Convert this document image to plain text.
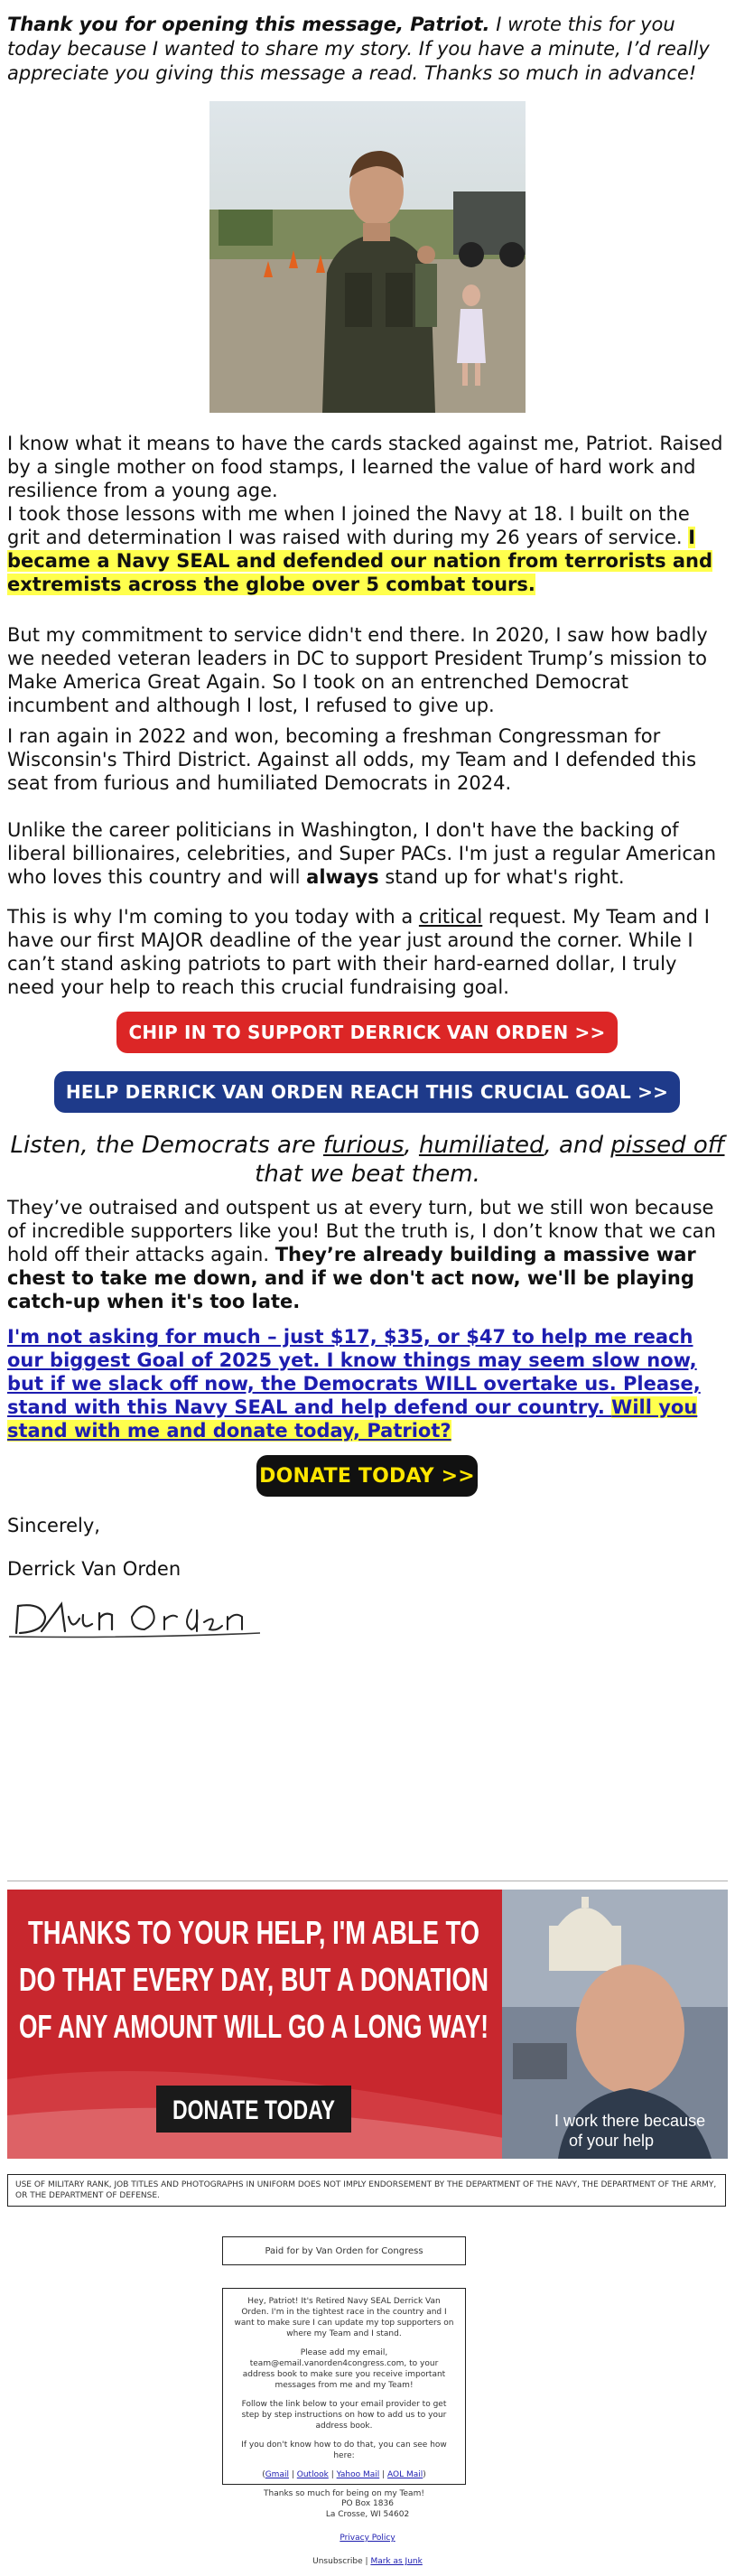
Thank you for opening this message, Patriot. I wrote this for you today because I wanted to share my story. If you have a minute, I’d really appreciate you giving this message a read. Thanks so much in advance!
I know what it means to have the cards stacked against me, Patriot. Raised by a single mother on food stamps, I learned the value of hard work and resilience from a young age.
I took those lessons with me when I joined the Navy at 18. I built on the grit and determination I was raised with during my 26 years of service. I became a Navy SEAL and defended our nation from terrorists and extremists across the globe over 5 combat tours.
But my commitment to service didn't end there. In 2020, I saw how badly we needed veteran leaders in DC to support President Trump’s mission to Make America Great Again. So I took on an entrenched Democrat incumbent and although I lost, I refused to give up.
I ran again in 2022 and won, becoming a freshman Congressman for Wisconsin's Third District. Against all odds, my Team and I defended this seat from furious and humiliated Democrats in 2024.
Unlike the career politicians in Washington, I don't have the backing of liberal billionaires, celebrities, and Super PACs. I'm just a regular American who loves this country and will always stand up for what's right.
This is why I'm coming to you today with a critical request. My Team and I have our first MAJOR deadline of the year just around the corner. While I can’t stand asking patriots to part with their hard-earned dollar, I truly need your help to reach this crucial fundraising goal.
CHIP IN TO SUPPORT DERRICK VAN ORDEN >>
HELP DERRICK VAN ORDEN REACH THIS CRUCIAL GOAL >>
Listen, the Democrats are furious, humiliated, and pissed off that we beat them.
They’ve outraised and outspent us at every turn, but we still won because of incredible supporters like you! But the truth is, I don’t know that we can hold off their attacks again. They’re already building a massive war chest to take me down, and if we don't act now, we'll be playing catch-up when it's too late.
I'm not asking for much – just $17, $35, or $47 to help me reach our biggest Goal of 2025 yet. I know things may seem slow now, but if we slack off now, the Democrats WILL overtake us. Please, stand with this Navy SEAL and help defend our country. Will you stand with me and donate today, Patriot?
DONATE TODAY >>
Sincerely,
Derrick Van Orden
I work there because
of your help
THANKS TO YOUR HELP, I'M ABLE TO
DO THAT EVERY DAY, BUT A DONATION
OF ANY AMOUNT WILL GO A LONG WAY!
DONATE TODAY
USE OF MILITARY RANK, JOB TITLES AND PHOTOGRAPHS IN UNIFORM DOES NOT IMPLY ENDORSEMENT BY THE DEPARTMENT OF THE NAVY, THE DEPARTMENT OF THE ARMY, OR THE DEPARTMENT OF DEFENSE.
Paid for by Van Orden for Congress

Hey, Patriot! It's Retired Navy SEAL Derrick Van Orden. I'm in the tightest race in the country and I want to make sure I can update my top supporters on where my Team and I stand.

Please add my email, team@email.vanorden4congress.com, to your address book to make sure you receive important messages from me and my Team!

Follow the link below to your email provider to get step by step instructions on how to add us to your address book.

If you don't know how to do that, you can see how here:

(Gmail | Outlook | Yahoo Mail | AOL Mail)

Thanks so much for being on my Team!

PO Box 1836
La Crosse, WI 54602
Privacy Policy
Unsubscribe | Mark as Junk
